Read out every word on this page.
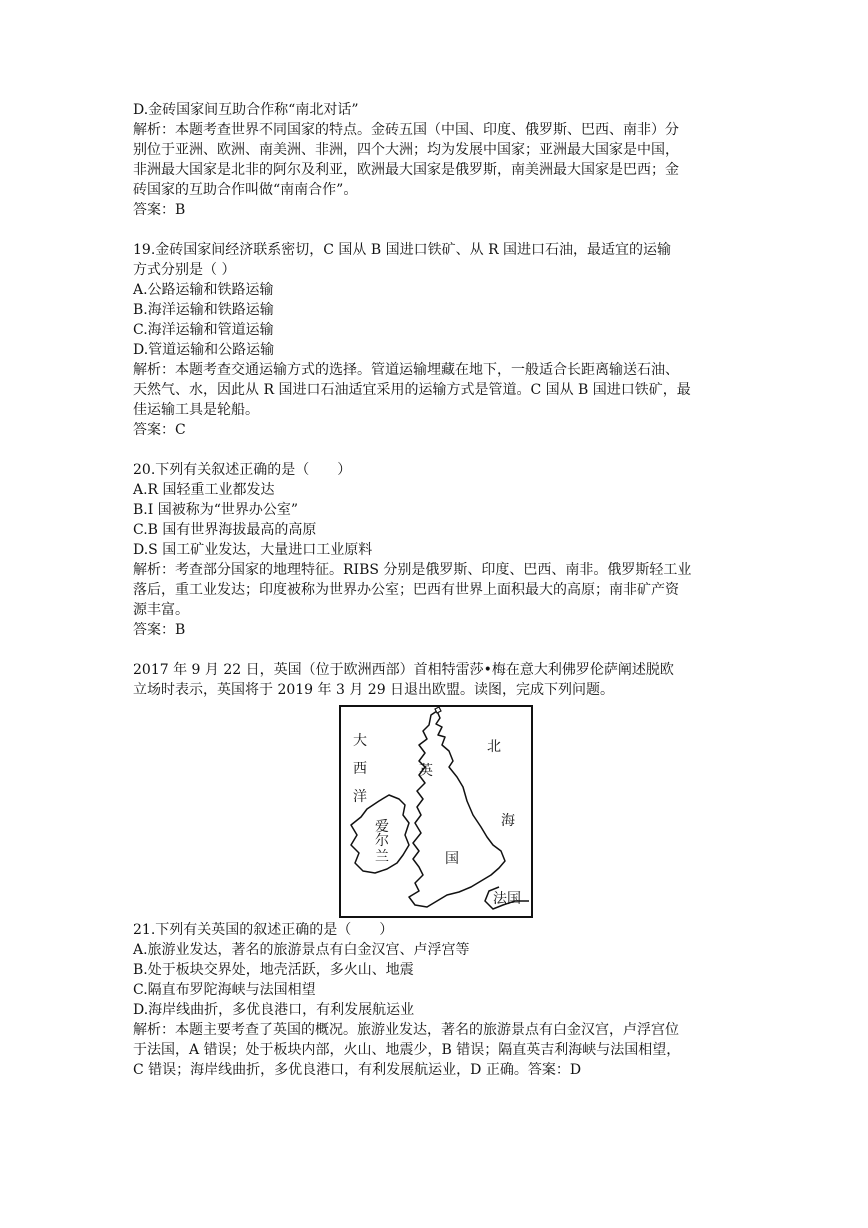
D.金砖国家间互助合作称“南北对话”
解析：本题考查世界不同国家的特点。金砖五国（中国、印度、俄罗斯、巴西、南非）分
别位于亚洲、欧洲、南美洲、非洲，四个大洲；均为发展中国家；亚洲最大国家是中国，
非洲最大国家是北非的阿尔及利亚，欧洲最大国家是俄罗斯，南美洲最大国家是巴西；金
砖国家的互助合作叫做“南南合作”。
答案：B
19.金砖国家间经济联系密切，C 国从 B 国进口铁矿、从 R 国进口石油，最适宜的运输
方式分别是（ ）
A.公路运输和铁路运输
B.海洋运输和铁路运输
C.海洋运输和管道运输
D.管道运输和公路运输
解析：本题考查交通运输方式的选择。管道运输埋藏在地下，一般适合长距离输送石油、
天然气、水，因此从 R 国进口石油适宜采用的运输方式是管道。C 国从 B 国进口铁矿，最
佳运输工具是轮船。
答案：C
20.下列有关叙述正确的是（　　）
A.R 国轻重工业都发达
B.I 国被称为“世界办公室”
C.B 国有世界海拔最高的高原
D.S 国工矿业发达，大量进口工业原料
解析：考查部分国家的地理特征。RIBS 分别是俄罗斯、印度、巴西、南非。俄罗斯轻工业
落后，重工业发达；印度被称为世界办公室；巴西有世界上面积最大的高原；南非矿产资
源丰富。
答案：B
2017 年 9 月 22 日，英国（位于欧洲西部）首相特雷莎•梅在意大利佛罗伦萨阐述脱欧
立场时表示，英国将于 2019 年 3 月 29 日退出欧盟。读图，完成下列问题。
大
西
洋
爱
尔
兰
英
国
北
海
法国
21.下列有关英国的叙述正确的是（　　）
A.旅游业发达，著名的旅游景点有白金汉宫、卢浮宫等
B.处于板块交界处，地壳活跃，多火山、地震
C.隔直布罗陀海峡与法国相望
D.海岸线曲折，多优良港口，有利发展航运业
解析：本题主要考查了英国的概况。旅游业发达，著名的旅游景点有白金汉宫，卢浮宫位
于法国，A 错误；处于板块内部，火山、地震少，B 错误；隔直英吉利海峡与法国相望，
C 错误；海岸线曲折，多优良港口，有利发展航运业，D 正确。答案：D
